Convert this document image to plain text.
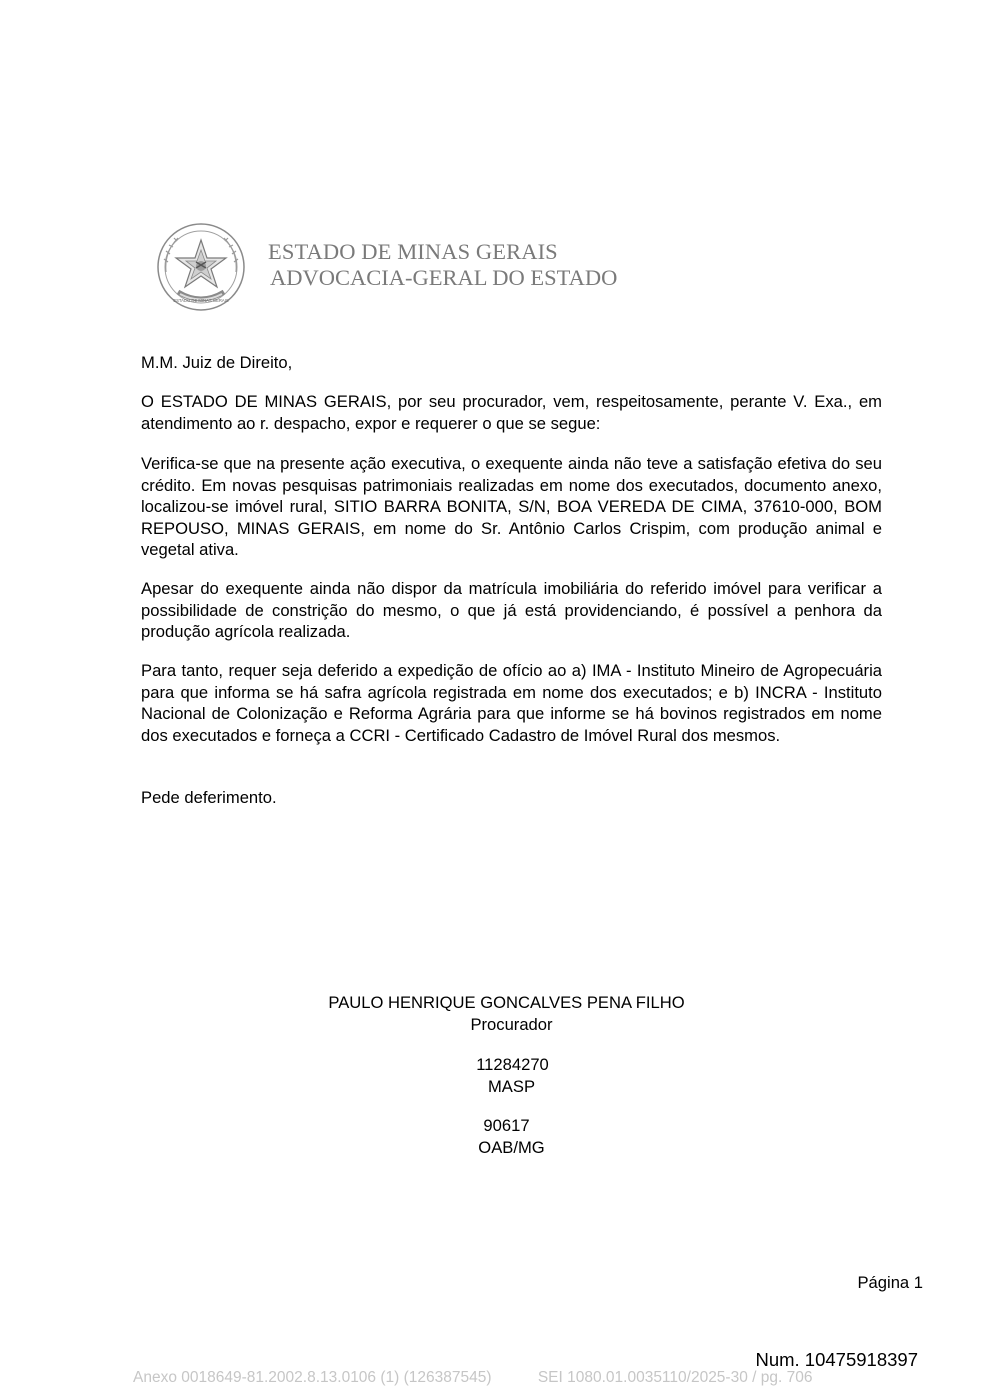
ESTADO DE MINAS GERAIS
ESTADO DE MINAS GERAIS
ADVOCACIA-GERAL DO ESTADO
M.M. Juiz de Direito,
O ESTADO DE MINAS GERAIS, por seu procurador, vem, respeitosamente, perante V. Exa., em atendimento ao r. despacho, expor e requerer o que se segue:
Verifica-se que na presente ação executiva, o exequente ainda não teve a satisfação efetiva do seu crédito. Em novas pesquisas patrimoniais realizadas em nome dos executados, documento anexo, localizou-se imóvel rural, SITIO BARRA BONITA, S/N, BOA VEREDA DE CIMA, 37610-000, BOM REPOUSO, MINAS GERAIS, em nome do Sr. Antônio Carlos Crispim, com produção animal e vegetal ativa.
Apesar do exequente ainda não dispor da matrícula imobiliária do referido imóvel para verificar a possibilidade de constrição do mesmo, o que já está providenciando, é possível a penhora da produção agrícola realizada.
Para tanto, requer seja deferido a expedição de ofício ao a) IMA - Instituto Mineiro de Agropecuária para que informa se há safra agrícola registrada em nome dos executados; e b) INCRA - Instituto Nacional de Colonização e Reforma Agrária para que informe se há bovinos registrados em nome dos executados e forneça a CCRI - Certificado Cadastro de Imóvel Rural dos mesmos.
Pede deferimento.
PAULO HENRIQUE GONCALVES PENA FILHO
Procurador
11284270
MASP
90617
OAB/MG
Página 1
Num. 10475918397
Anexo 0018649-81.2002.8.13.0106 (1) (126387545)	SEI 1080.01.0035110/2025-30 / pg. 706
